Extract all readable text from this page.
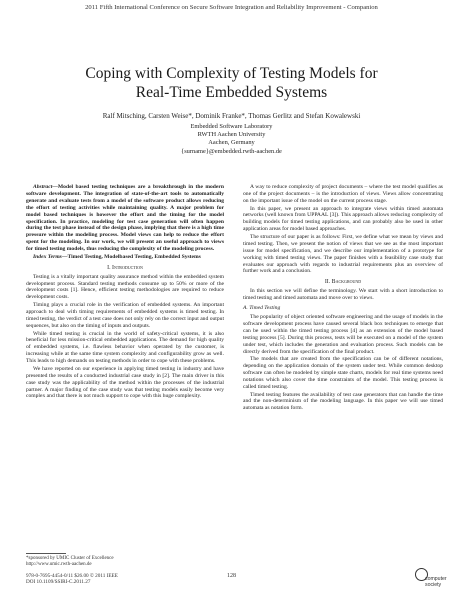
2011 Fifth International Conference on Secure Software Integration and Reliability Improvement - Companion
Coping with Complexity of Testing Models for
Real-Time Embedded Systems
Ralf Mitsching, Carsten Weise*, Dominik Franke*, Thomas Gerlitz and Stefan Kowalewski
Embedded Software Laboratory
RWTH Aachen University
Aachen, Germany
{surname}@embedded.rwth-aachen.de

Abstract—Model based testing techniques are a breakthrough in the modern software development. The integration of state-of-the-art tools to automatically generate and evaluate tests from a model of the software product allows reducing the effort of testing activities while maintaining quality. A major problem for model based techniques is however the effort and the timing for the model specification. In practice, modeling for test case generation will often happen during the test phase instead of the design phase, implying that there is a high time pressure within the modeling process. Model views can help to reduce the effort spent for the modeling. In our work, we will present an useful approach to views for timed testing models, thus reducing the complexity of the modeling process.

Index Terms—Timed Testing, Modelbased Testing, Embedded Systems

I. Introduction

Testing is a vitally important quality assurance method within the embedded system development process. Standard testing methods consume up to 50% or more of the development costs [1]. Hence, efficient testing methodologies are required to reduce development costs.

Timing plays a crucial role in the verification of embedded systems. An important approach to deal with timing requirements of embedded systems is timed testing. In timed testing, the verdict of a test case does not only rely on the correct input and output sequences, but also on the timing of inputs and outputs.

While timed testing is crucial in the world of safety-critical systems, it is also beneficial for less mission-critical embedded applications. The demand for high quality of embedded systems, i.e. flawless behavior when operated by the customer, is increasing while at the same time system complexity and configurability grow as well. This leads to high demands on testing methods in order to cope with these problems.

We have reported on our experience in applying timed testing in industry and have presented the results of a conducted industrial case study in [2]. The main driver in this case study was the applicability of the method within the processes of the industrial partner. A major finding of the case study was that testing models easily become very complex and that there is not much support to cope with this huge complexity.

A way to reduce complexity of project documents – where the test model qualifies as one of the project documents – is the introduction of views. Views allow concentrating on the important issue of the model on the current process stage.

In this paper, we present an approach to integrate views within timed automata networks (well known from UPPAAL [3]). This approach allows reducing complexity of building models for timed testing applications, and can probably also be used in other application areas for model based approaches.

The structure of our paper is as follows: First, we define what we mean by views and timed testing. Then, we present the notion of views that we see as the most important issue for model specification, and we describe our implementation of a prototype for working with timed testing views. The paper finishes with a feasibility case study that evaluates our approach with regards to industrial requirements plus an overview of further work and a conclusion.

II. Background

In this section we will define the terminology. We start with a short introduction to timed testing and timed automata and move over to views.

A. Timed Testing

The popularity of object oriented software engineering and the usage of models in the software development process have caused several black box techniques to emerge that can be used within the timed testing process [4] as an extension of the model based testing process [5]. During this process, tests will be executed on a model of the system under test, which includes the generation and evaluation process. Such models can be directly derived from the specification of the final product.

The models that are created from the specification can be of different notations, depending on the application domain of the system under test. While common desktop software can often be modeled by simple state charts, models for real time systems need notations which also cover the time constraints of the model. This testing process is called timed testing.

Timed testing features the availability of test case generators that can handle the time and the non-determinism of the modeling language. In this paper we will use timed automata as notation form.

*sponsored by UMIC Cluster of Excellence
http://www.umic.rwth-aachen.de
978-0-7695-4454-0/11 $26.00 © 2011 IEEE
DOI 10.1109/SSIRI-C.2011.27
128	computer
society
